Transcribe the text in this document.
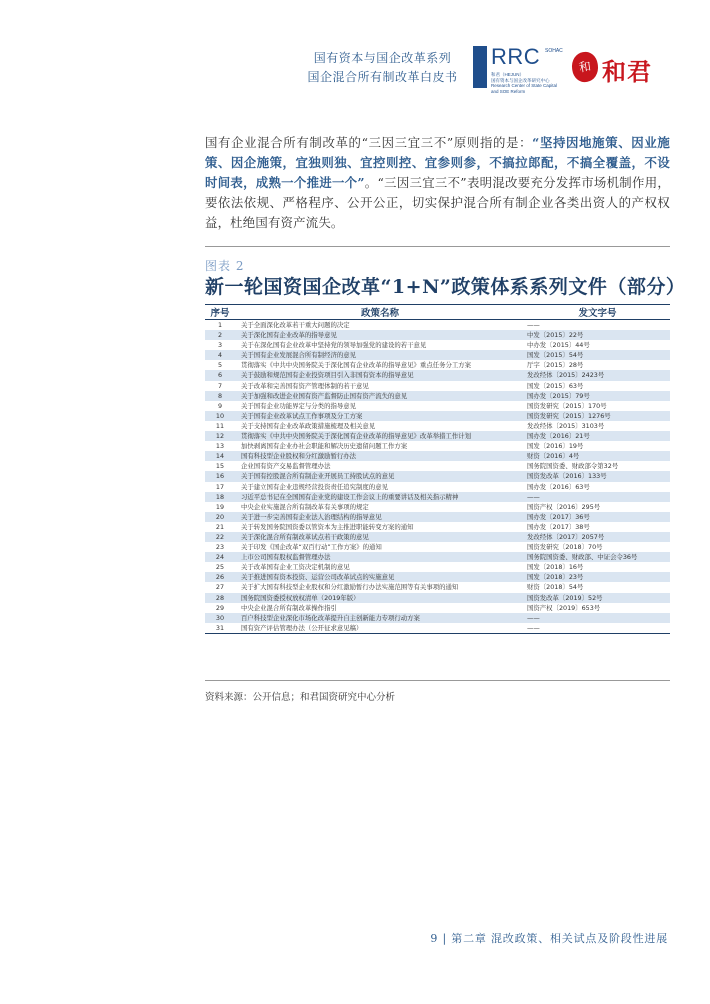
国有资本与国企改革系列
国企混合所有制改革白皮书
RRC SOHAC
和君（HEJUN）
国有资本与国企改革研究中心
Research Center of State Capital and SOE Reform
和 和君
国有企业混合所有制改革的“三因三宜三不”原则指的是：“坚持因地施策、因业施策、因企施策，宜独则独、宜控则控、宜参则参，不搞拉郎配，不搞全覆盖，不设时间表，成熟一个推进一个”。“三因三宜三不”表明混改要充分发挥市场机制作用，要依法依规、严格程序、公开公正，切实保护混合所有制企业各类出资人的产权权益，杜绝国有资产流失。
图表 2
新一轮国资国企改革“1+N”政策体系系列文件（部分）
序号	政策名称	发文字号
1	关于全面深化改革若干重大问题的决定	——
2	关于深化国有企业改革的指导意见	中发〔2015〕22号
3	关于在深化国有企业改革中坚持党的领导加强党的建设的若干意见	中办发〔2015〕44号
4	关于国有企业发展混合所有制经济的意见	国发〔2015〕54号
5	贯彻落实《中共中央国务院关于深化国有企业改革的指导意见》重点任务分工方案	厅字〔2015〕28号
6	关于鼓励和规范国有企业投资项目引入非国有资本的指导意见	发改经体〔2015〕2423号
7	关于改革和完善国有资产管理体制的若干意见	国发〔2015〕63号
8	关于加强和改进企业国有资产监督防止国有资产流失的意见	国办发〔2015〕79号
9	关于国有企业功能界定与分类的指导意见	国资发研究〔2015〕170号
10	关于国有企业改革试点工作事项及分工方案	国资发研究〔2015〕1276号
11	关于支持国有企业改革政策措施梳理及相关意见	发改经体〔2015〕3103号
12	贯彻落实《中共中央国务院关于深化国有企业改革的指导意见》改革举措工作计划	国办发〔2016〕21号
13	加快剥离国有企业办社会职能和解决历史遗留问题工作方案	国发〔2016〕19号
14	国有科技型企业股权和分红激励暂行办法	财资〔2016〕4号
15	企业国有资产交易监督管理办法	国务院国资委、财政部令第32号
16	关于国有控股混合所有制企业开展员工持股试点的意见	国资发改革〔2016〕133号
17	关于建立国有企业违规经营投资责任追究制度的意见	国办发〔2016〕63号
18	习近平总书记在全国国有企业党的建设工作会议上的重要讲话及相关指示精神	——
19	中央企业实施混合所有制改革有关事项的规定	国资产权〔2016〕295号
20	关于进一步完善国有企业法人治理结构的指导意见	国办发〔2017〕36号
21	关于转发国务院国资委以管资本为主推进职能转变方案的通知	国办发〔2017〕38号
22	关于深化混合所有制改革试点若干政策的意见	发改经体〔2017〕2057号
23	关于印发《国企改革“双百行动”工作方案》的通知	国资发研究〔2018〕70号
24	上市公司国有股权监督管理办法	国务院国资委、财政部、中证会令36号
25	关于改革国有企业工资决定机制的意见	国发〔2018〕16号
26	关于推进国有资本投资、运营公司改革试点的实施意见	国发〔2018〕23号
27	关于扩大国有科技型企业股权和分红激励暂行办法实施范围等有关事项的通知	财资〔2018〕54号
28	国务院国资委授权放权清单（2019年版）	国资发改革〔2019〕52号
29	中央企业混合所有制改革操作指引	国资产权〔2019〕653号
30	百户科技型企业深化市场化改革提升自主创新能力专项行动方案	——
31	国有资产评估管理办法（公开征求意见稿）	——
资料来源：公开信息；和君国资研究中心分析
9 | 第二章 混改政策、相关试点及阶段性进展
